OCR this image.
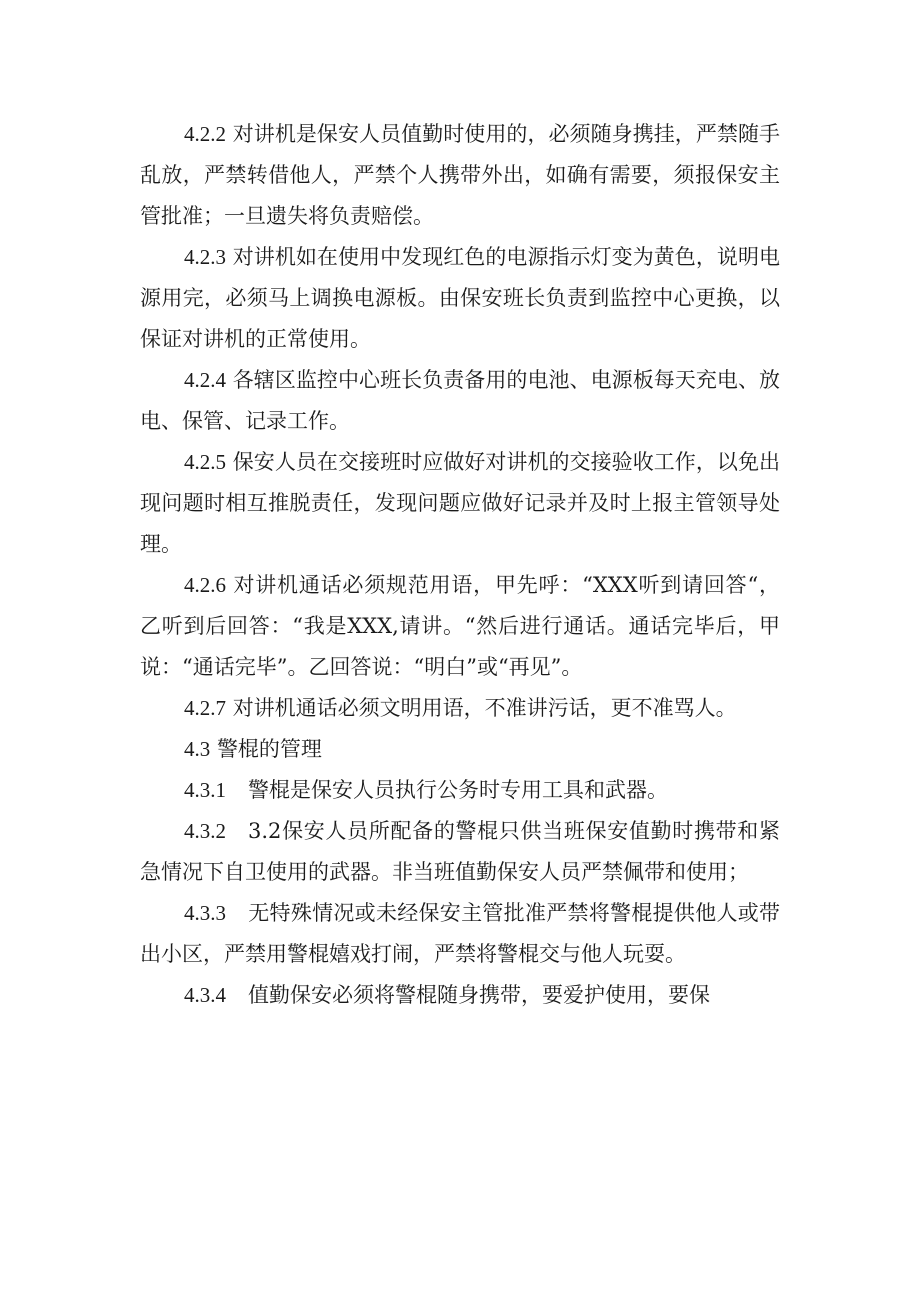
4.2.2 对讲机是保安人员值勤时使用的，必须随身携挂，严禁随手乱放，严禁转借他人，严禁个人携带外出，如确有需要，须报保安主管批准；一旦遗失将负责赔偿。

4.2.3 对讲机如在使用中发现红色的电源指示灯变为黄色，说明电源用完，必须马上调换电源板。由保安班长负责到监控中心更换，以保证对讲机的正常使用。

4.2.4 各辖区监控中心班长负责备用的电池、电源板每天充电、放电、保管、记录工作。

4.2.5 保安人员在交接班时应做好对讲机的交接验收工作，以免出现问题时相互推脱责任，发现问题应做好记录并及时上报主管领导处理。

4.2.6 对讲机通话必须规范用语，甲先呼：“XXX听到请回答“，乙听到后回答：“我是XXX,请讲。“然后进行通话。通话完毕后，甲说：“通话完毕”。乙回答说：“明白”或“再见”。

4.2.7 对讲机通话必须文明用语，不准讲污话，更不准骂人。

4.3 警棍的管理

4.3.1 警棍是保安人员执行公务时专用工具和武器。

4.3.2 3.2保安人员所配备的警棍只供当班保安值勤时携带和紧急情况下自卫使用的武器。非当班值勤保安人员严禁佩带和使用；

4.3.3 无特殊情况或未经保安主管批准严禁将警棍提供他人或带出小区，严禁用警棍嬉戏打闹，严禁将警棍交与他人玩耍。

4.3.4 值勤保安必须将警棍随身携带，要爱护使用，要保
